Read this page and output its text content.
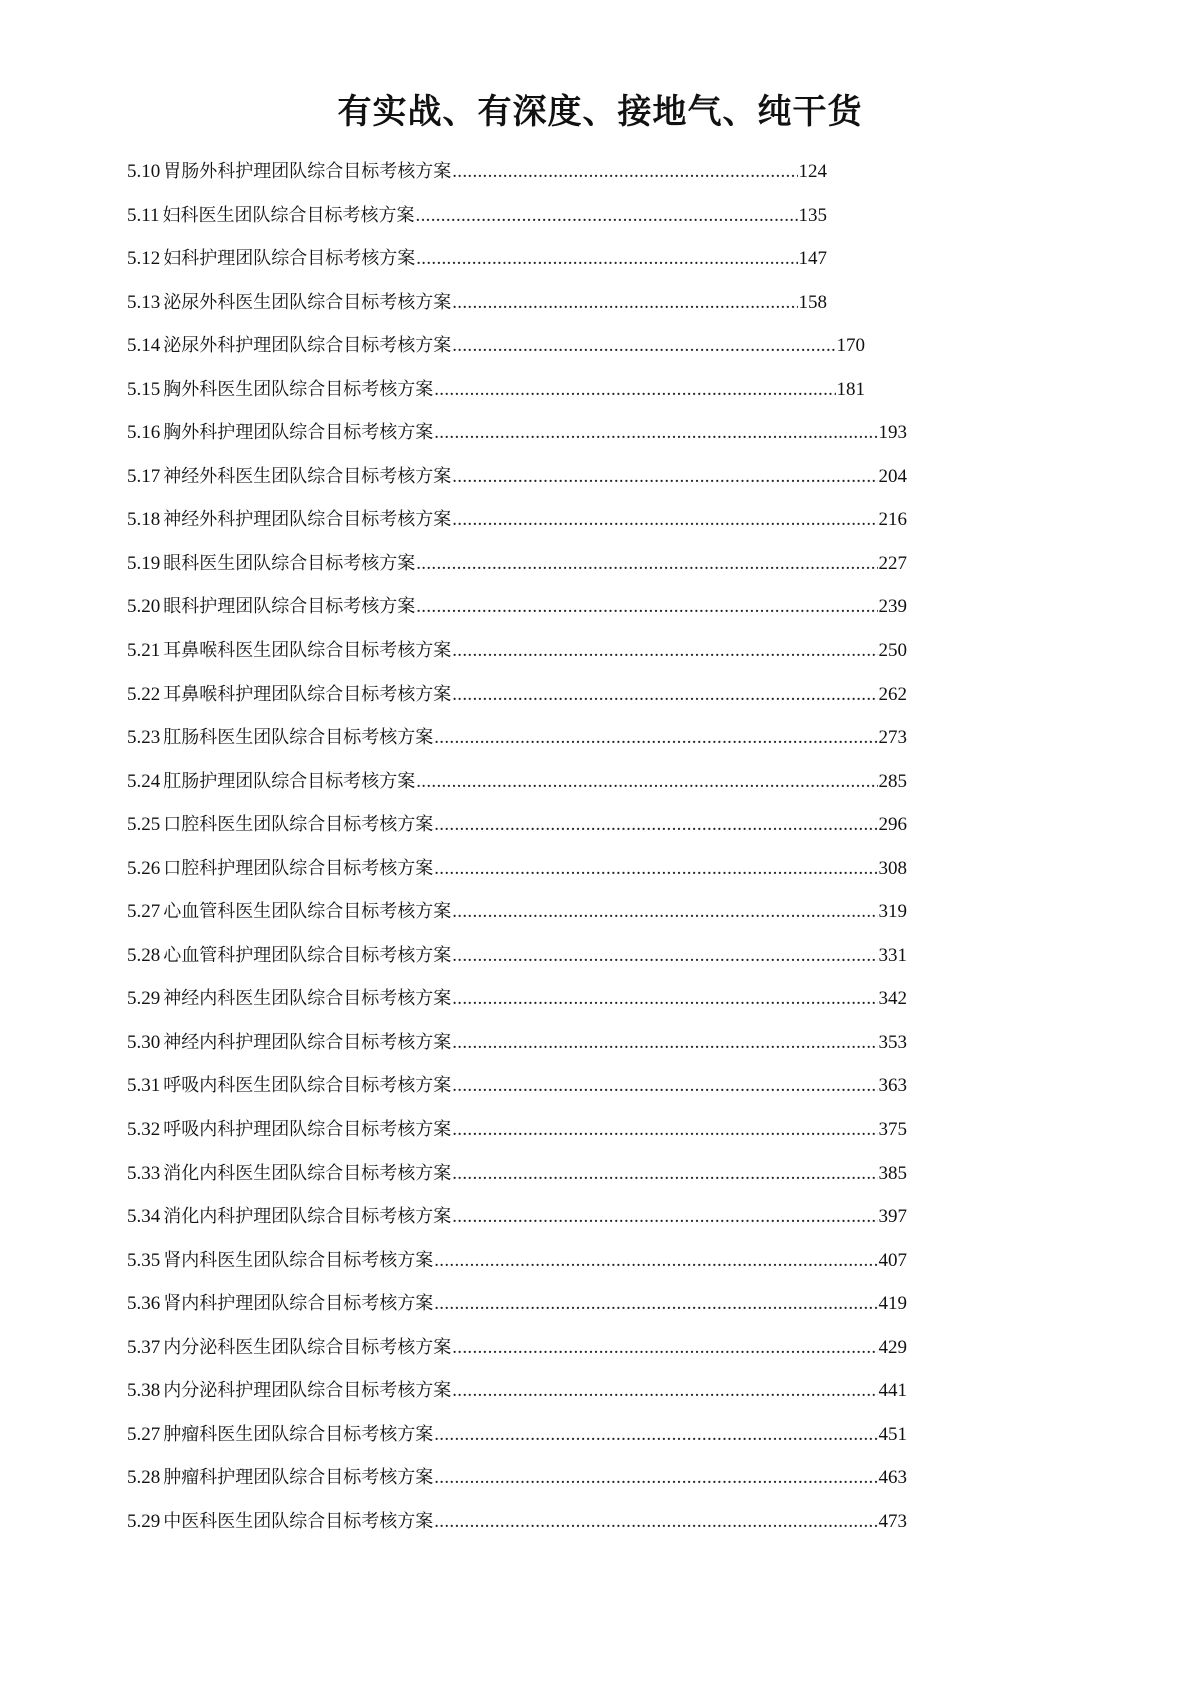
有实战、有深度、接地气、纯干货
5.10 胃肠外科护理团队综合目标考核方案 .....	124
5.11 妇科医生团队综合目标考核方案 .....	135
5.12 妇科护理团队综合目标考核方案 .....	147
5.13 泌尿外科医生团队综合目标考核方案 .....	158
5.14 泌尿外科护理团队综合目标考核方案 .....	170
5.15 胸外科医生团队综合目标考核方案 .....	181
5.16 胸外科护理团队综合目标考核方案 .....	193
5.17 神经外科医生团队综合目标考核方案 .....	204
5.18 神经外科护理团队综合目标考核方案 .....	216
5.19 眼科医生团队综合目标考核方案 .....	227
5.20 眼科护理团队综合目标考核方案 .....	239
5.21 耳鼻喉科医生团队综合目标考核方案 .....	250
5.22 耳鼻喉科护理团队综合目标考核方案 .....	262
5.23 肛肠科医生团队综合目标考核方案 .....	273
5.24 肛肠护理团队综合目标考核方案 .....	285
5.25 口腔科医生团队综合目标考核方案 .....	296
5.26 口腔科护理团队综合目标考核方案 .....	308
5.27 心血管科医生团队综合目标考核方案 .....	319
5.28 心血管科护理团队综合目标考核方案 .....	331
5.29 神经内科医生团队综合目标考核方案 .....	342
5.30 神经内科护理团队综合目标考核方案 .....	353
5.31 呼吸内科医生团队综合目标考核方案 .....	363
5.32 呼吸内科护理团队综合目标考核方案 .....	375
5.33 消化内科医生团队综合目标考核方案 .....	385
5.34 消化内科护理团队综合目标考核方案 .....	397
5.35 肾内科医生团队综合目标考核方案 .....	407
5.36 肾内科护理团队综合目标考核方案 .....	419
5.37 内分泌科医生团队综合目标考核方案 .....	429
5.38 内分泌科护理团队综合目标考核方案 .....	441
5.27 肿瘤科医生团队综合目标考核方案 .....	451
5.28 肿瘤科护理团队综合目标考核方案 .....	463
5.29 中医科医生团队综合目标考核方案 .....	473
